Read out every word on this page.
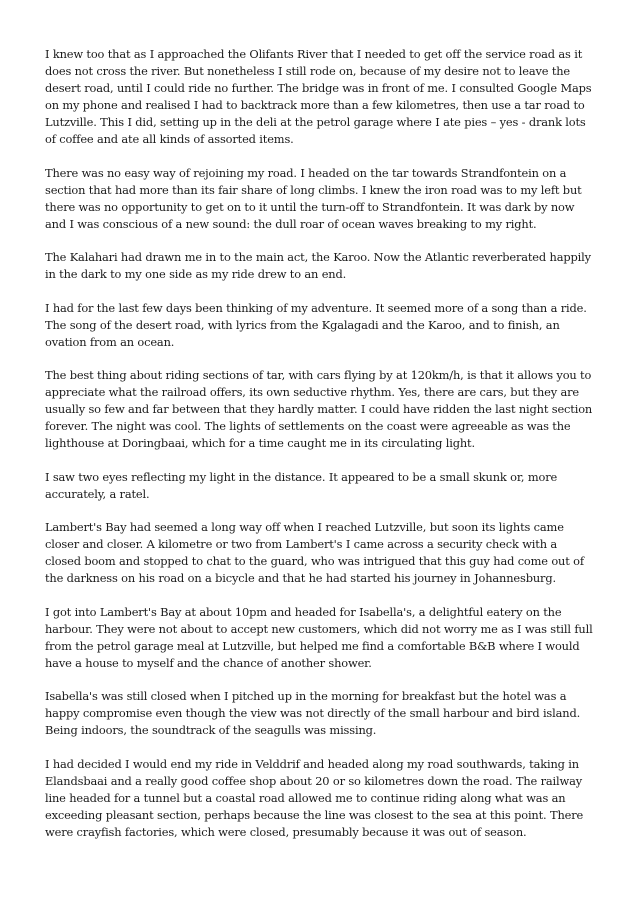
I knew too that as I approached the Olifants River that I needed to get off the service road as it does not cross the river. But nonetheless I still rode on, because of my desire not to leave the desert road, until I could ride no further. The bridge was in front of me. I consulted Google Maps on my phone and realised I had to backtrack more than a few kilometres, then use a tar road to Lutzville. This I did, setting up in the deli at the petrol garage where I ate pies – yes - drank lots of coffee and ate all kinds of assorted items.

There was no easy way of rejoining my road. I headed on the tar towards Strandfontein on a section that had more than its fair share of long climbs. I knew the iron road was to my left but there was no opportunity to get on to it until the turn-off to Strandfontein. It was dark by now and I was conscious of a new sound: the dull roar of ocean waves breaking to my right.

The Kalahari had drawn me in to the main act, the Karoo. Now the Atlantic reverberated happily in the dark to my one side as my ride drew to an end.

I had for the last few days been thinking of my adventure. It seemed more of a song than a ride. The song of the desert road, with lyrics from the Kgalagadi and the Karoo, and to finish, an ovation from an ocean.

The best thing about riding sections of tar, with cars flying by at 120km/h, is that it allows you to appreciate what the railroad offers, its own seductive rhythm. Yes, there are cars, but they are usually so few and far between that they hardly matter. I could have ridden the last night section forever. The night was cool. The lights of settlements on the coast were agreeable as was the lighthouse at Doringbaai, which for a time caught me in its circulating light.

I saw two eyes reflecting my light in the distance. It appeared to be a small skunk or, more accurately, a ratel.

Lambert's Bay had seemed a long way off when I reached Lutzville, but soon its lights came closer and closer. A kilometre or two from Lambert's I came across a security check with a closed boom and stopped to chat to the guard, who was intrigued that this guy had come out of the darkness on his road on a bicycle and that he had started his journey in Johannesburg.

I got into Lambert's Bay at about 10pm and headed for Isabella's, a delightful eatery on the harbour. They were not about to accept new customers, which did not worry me as I was still full from the petrol garage meal at Lutzville, but helped me find a comfortable B&B where I would have a house to myself and the chance of another shower.

Isabella's was still closed when I pitched up in the morning for breakfast but the hotel was a happy compromise even though the view was not directly of the small harbour and bird island. Being indoors, the soundtrack of the seagulls was missing.

I had decided I would end my ride in Velddrif and headed along my road southwards, taking in Elandsbaai and a really good coffee shop about 20 or so kilometres down the road. The railway line headed for a tunnel but a coastal road allowed me to continue riding along what was an exceeding pleasant section, perhaps because the line was closest to the sea at this point. There were crayfish factories, which were closed, presumably because it was out of season.
